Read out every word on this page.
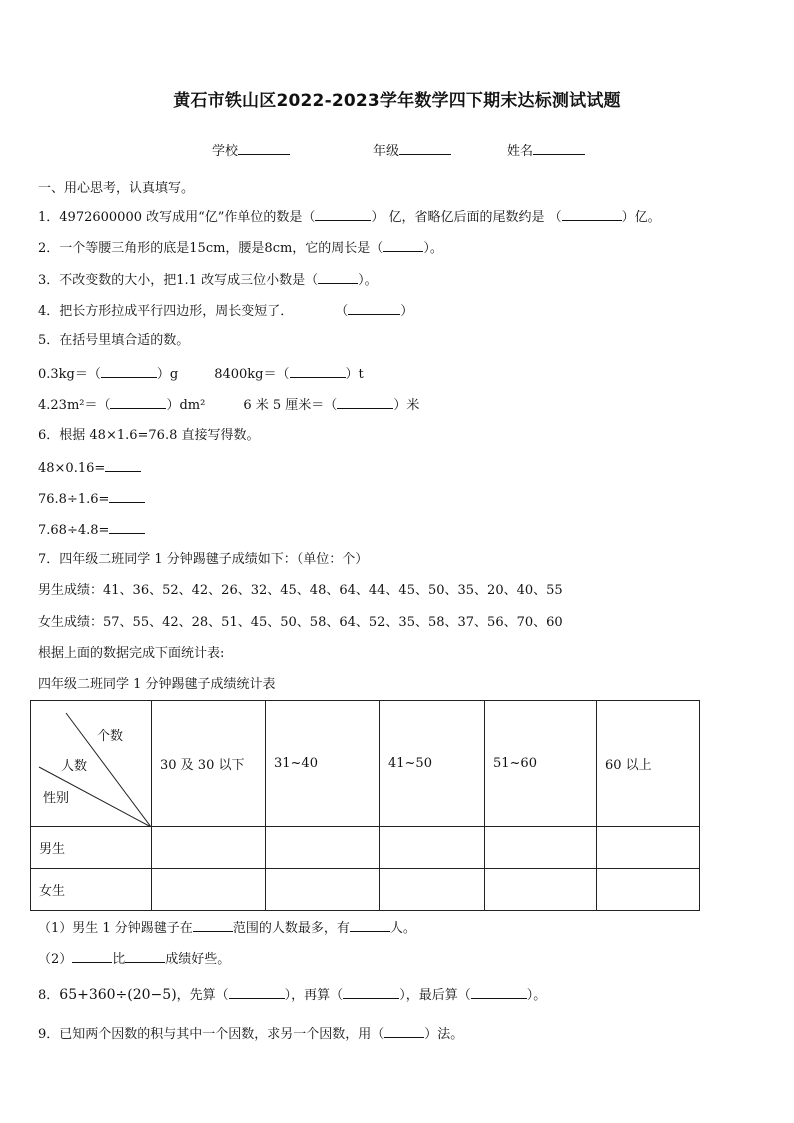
黄石市铁山区2022-2023学年数学四下期末达标测试试题
学校	年级	姓名
一、用心思考，认真填写。
1．4972600000 改写成用“亿”作单位的数是（	） 亿，省略亿后面的尾数约是 （	）亿。
2．一个等腰三角形的底是15cm，腰是8cm，它的周长是（	）。
3．不改变数的大小，把1.1 改写成三位小数是（	）。
4．把长方形拉成平行四边形，周长变短了．	（	）
5．在括号里填合适的数。
0.3kg＝（	）g	8400kg＝（	）t
4.23m²＝（	）dm²	6 米 5 厘米＝（	）米
6．根据 48×1.6=76.8 直接写得数。
48×0.16=
76.8÷1.6=
7.68÷4.8=
7．四年级二班同学 1 分钟踢毽子成绩如下：（单位：个）
男生成绩：41、36、52、42、26、32、45、48、64、44、45、50、35、20、40、55
女生成绩：57、55、42、28、51、45、50、58、64、52、35、58、37、56、70、60
根据上面的数据完成下面统计表:
四年级二班同学 1 分钟踢毽子成绩统计表
个数
人数
性别	30 及 30 以下	31~40	41~50	51~60	60 以上
男生					
女生					
（1）男生 1 分钟踢毽子在	范围的人数最多，有	人。
（2）	比	成绩好些。
8．65+360÷(20−5)，先算（	），再算（	），最后算（	）。
9．已知两个因数的积与其中一个因数，求另一个因数，用（	）法。
